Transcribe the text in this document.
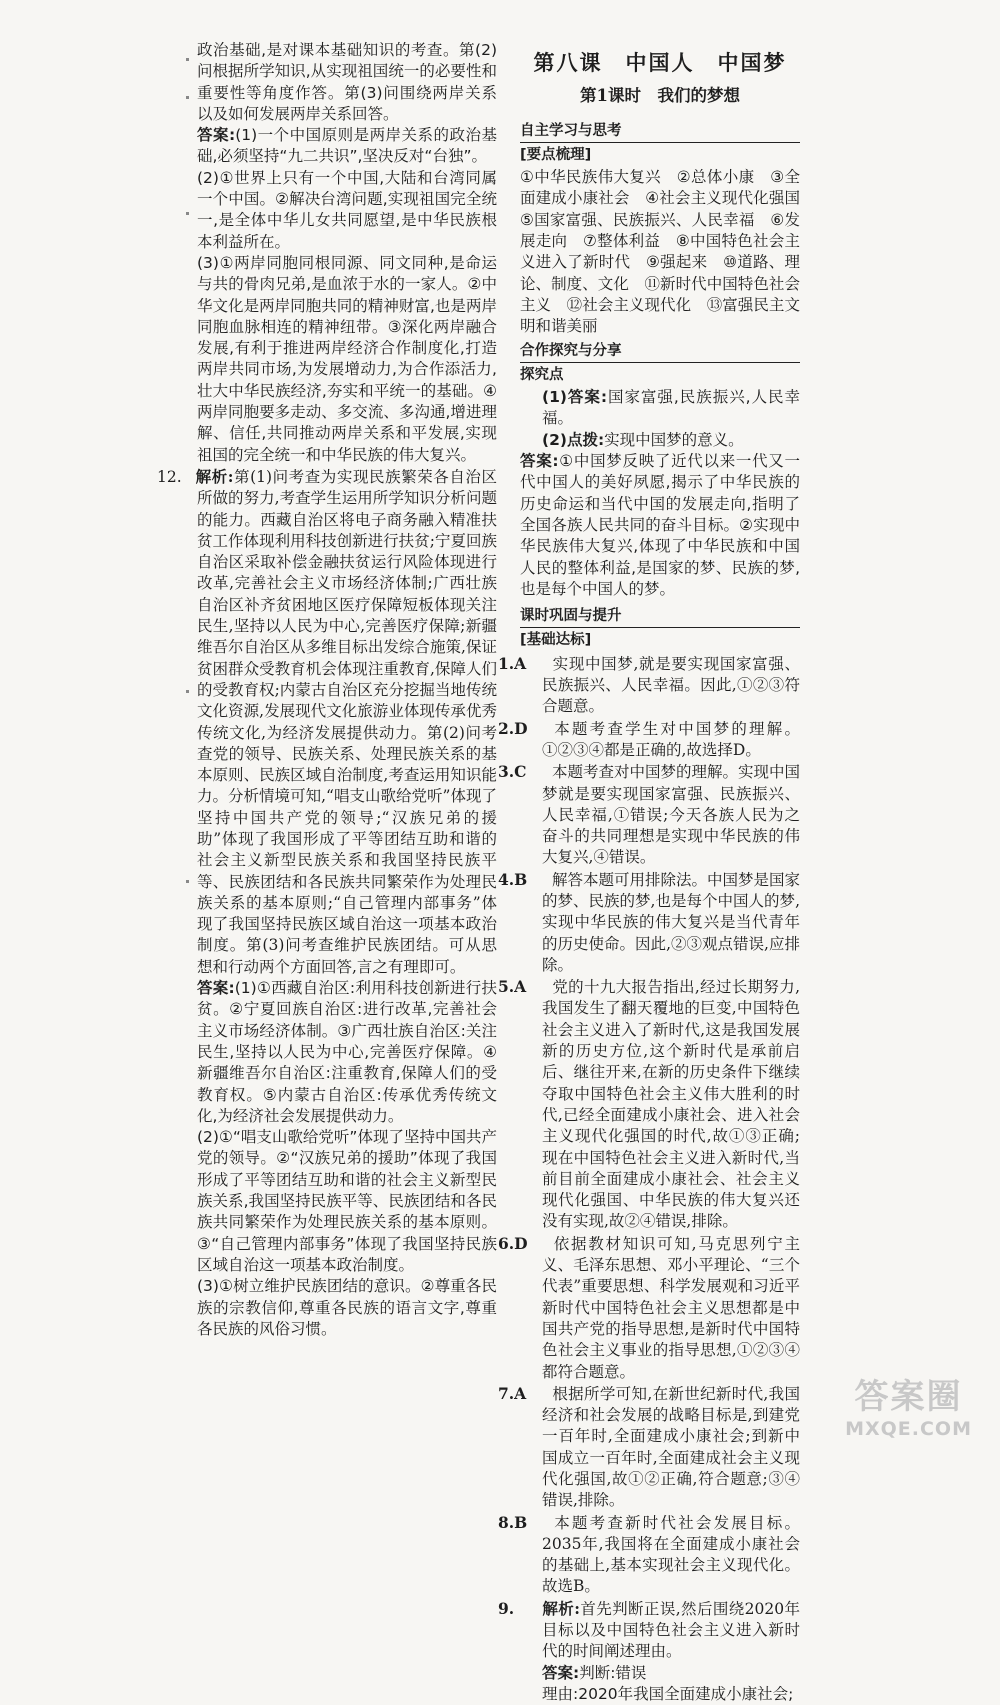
政治基础,是对课本基础知识的考查。第(2)问根据所学知识,从实现祖国统一的必要性和重要性等角度作答。第(3)问围绕两岸关系以及如何发展两岸关系回答。

答案:(1)一个中国原则是两岸关系的政治基础,必须坚持“九二共识”,坚决反对“台独”。

(2)①世界上只有一个中国,大陆和台湾同属一个中国。②解决台湾问题,实现祖国完全统一,是全体中华儿女共同愿望,是中华民族根本利益所在。

(3)①两岸同胞同根同源、同文同种,是命运与共的骨肉兄弟,是血浓于水的一家人。②中华文化是两岸同胞共同的精神财富,也是两岸同胞血脉相连的精神纽带。③深化两岸融合发展,有利于推进两岸经济合作制度化,打造两岸共同市场,为发展增动力,为合作添活力,壮大中华民族经济,夯实和平统一的基础。④两岸同胞要多走动、多交流、多沟通,增进理解、信任,共同推动两岸关系和平发展,实现祖国的完全统一和中华民族的伟大复兴。

12. 解析:第(1)问考查为实现民族繁荣各自治区所做的努力,考查学生运用所学知识分析问题的能力。西藏自治区将电子商务融入精准扶贫工作体现利用科技创新进行扶贫;宁夏回族自治区采取补偿金融扶贫运行风险体现进行改革,完善社会主义市场经济体制;广西壮族自治区补齐贫困地区医疗保障短板体现关注民生,坚持以人民为中心,完善医疗保障;新疆维吾尔自治区从多维目标出发综合施策,保证贫困群众受教育机会体现注重教育,保障人们的受教育权;内蒙古自治区充分挖掘当地传统文化资源,发展现代文化旅游业体现传承优秀传统文化,为经济发展提供动力。第(2)问考查党的领导、民族关系、处理民族关系的基本原则、民族区域自治制度,考查运用知识能力。分析情境可知,“唱支山歌给党听”体现了坚持中国共产党的领导;“汉族兄弟的援助”体现了我国形成了平等团结互助和谐的社会主义新型民族关系和我国坚持民族平等、民族团结和各民族共同繁荣作为处理民族关系的基本原则;“自己管理内部事务”体现了我国坚持民族区域自治这一项基本政治制度。第(3)问考查维护民族团结。可从思想和行动两个方面回答,言之有理即可。

答案:(1)①西藏自治区:利用科技创新进行扶贫。②宁夏回族自治区:进行改革,完善社会主义市场经济体制。③广西壮族自治区:关注民生,坚持以人民为中心,完善医疗保障。④新疆维吾尔自治区:注重教育,保障人们的受教育权。⑤内蒙古自治区:传承优秀传统文化,为经济社会发展提供动力。

(2)①“唱支山歌给党听”体现了坚持中国共产党的领导。②“汉族兄弟的援助”体现了我国形成了平等团结互助和谐的社会主义新型民族关系,我国坚持民族平等、民族团结和各民族共同繁荣作为处理民族关系的基本原则。③“自己管理内部事务”体现了我国坚持民族区域自治这一项基本政治制度。

(3)①树立维护民族团结的意识。②尊重各民族的宗教信仰,尊重各民族的语言文字,尊重各民族的风俗习惯。

第八课　中国人　中国梦
第1课时　我们的梦想
自主学习与思考
[要点梳理]

①中华民族伟大复兴　②总体小康　③全面建成小康社会　④社会主义现代化强国　⑤国家富强、民族振兴、人民幸福　⑥发展走向　⑦整体利益　⑧中国特色社会主义进入了新时代　⑨强起来　⑩道路、理论、制度、文化　⑪新时代中国特色社会主义　⑫社会主义现代化　⑬富强民主文明和谐美丽

合作探究与分享
探究点

(1)答案:国家富强,民族振兴,人民幸福。

(2)点拨:实现中国梦的意义。

答案:①中国梦反映了近代以来一代又一代中国人的美好夙愿,揭示了中华民族的历史命运和当代中国的发展走向,指明了全国各族人民共同的奋斗目标。②实现中华民族伟大复兴,体现了中华民族和中国人民的整体利益,是国家的梦、民族的梦,也是每个中国人的梦。

课时巩固与提升
[基础达标]

1.A 实现中国梦,就是要实现国家富强、民族振兴、人民幸福。因此,①②③符合题意。

2.D 本题考查学生对中国梦的理解。①②③④都是正确的,故选择D。

3.C 本题考查对中国梦的理解。实现中国梦就是要实现国家富强、民族振兴、人民幸福,①错误;今天各族人民为之奋斗的共同理想是实现中华民族的伟大复兴,④错误。

4.B 解答本题可用排除法。中国梦是国家的梦、民族的梦,也是每个中国人的梦,实现中华民族的伟大复兴是当代青年的历史使命。因此,②③观点错误,应排除。

5.A 党的十九大报告指出,经过长期努力,我国发生了翻天覆地的巨变,中国特色社会主义进入了新时代,这是我国发展新的历史方位,这个新时代是承前启后、继往开来,在新的历史条件下继续夺取中国特色社会主义伟大胜利的时代,已经全面建成小康社会、进入社会主义现代化强国的时代,故①③正确;现在中国特色社会主义进入新时代,当前目前全面建成小康社会、社会主义现代化强国、中华民族的伟大复兴还没有实现,故②④错误,排除。

6.D 依据教材知识可知,马克思列宁主义、毛泽东思想、邓小平理论、“三个代表”重要思想、科学发展观和习近平新时代中国特色社会主义思想都是中国共产党的指导思想,是新时代中国特色社会主义事业的指导思想,①②③④都符合题意。

7.A 根据所学可知,在新世纪新时代,我国经济和社会发展的战略目标是,到建党一百年时,全面建成小康社会;到新中国成立一百年时,全面建成社会主义现代化强国,故①②正确,符合题意;③④错误,排除。

8.B 本题考查新时代社会发展目标。2035年,我国将在全面建成小康社会的基础上,基本实现社会主义现代化。故选B。

9. 解析:首先判断正误,然后围绕2020年目标以及中国特色社会主义进入新时代的时间阐述理由。

答案:判断:错误

理由:2020年我国全面建成小康社会;

答案圈
MXQE.COM
